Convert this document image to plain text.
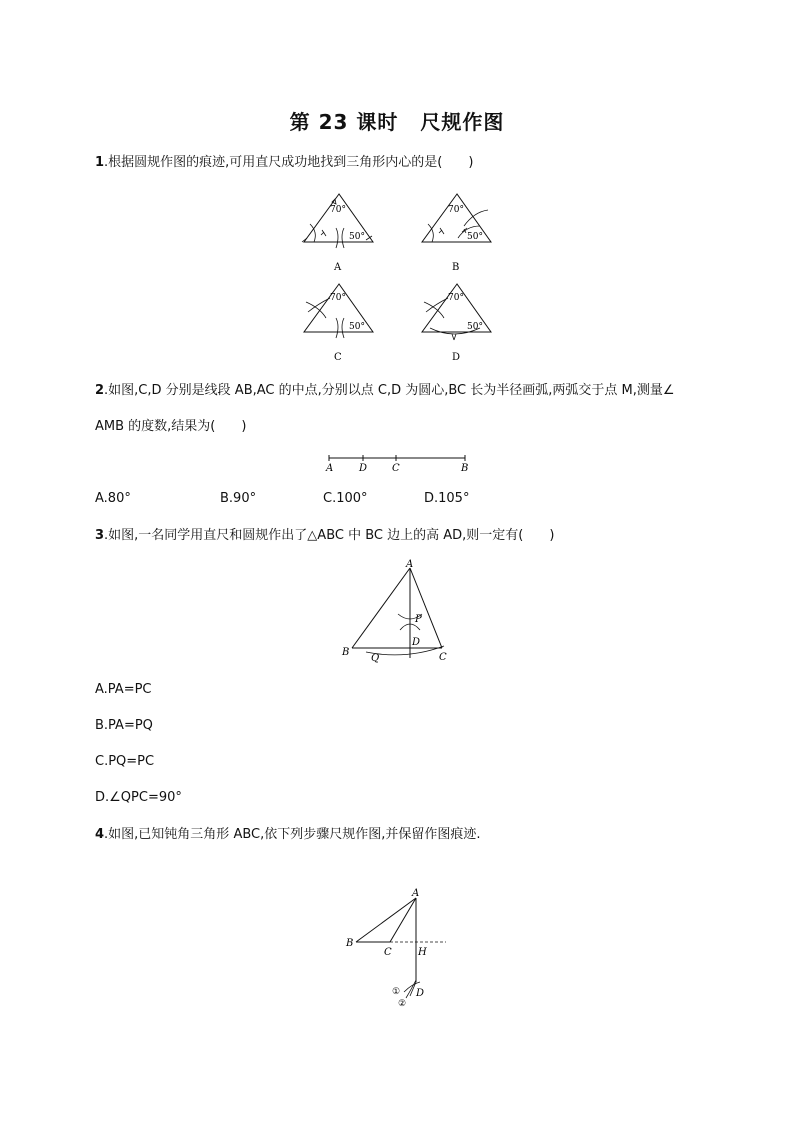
第 23 课时 尺规作图
1.根据圆规作图的痕迹,可用直尺成功地找到三角形内心的是(　　)
70°
50°
A
70°
50°
B
70°
50°
C
70°
50°
D
2.如图,C,D 分别是线段 AB,AC 的中点,分别以点 C,D 为圆心,BC 长为半径画弧,两弧交于点 M,测量∠
AMB 的度数,结果为(　　)
A	D C	B
A.80°	B.90°	C.100°	D.105°
3.如图,一名同学用直尺和圆规作出了△ABC 中 BC 边上的高 AD,则一定有(　　)
A
B	C
D
P
Q
A.PA=PC
B.PA=PQ
C.PQ=PC
D.∠QPC=90°
4.如图,已知钝角三角形 ABC,依下列步骤尺规作图,并保留作图痕迹.
A
B
C	H
D
①
②
